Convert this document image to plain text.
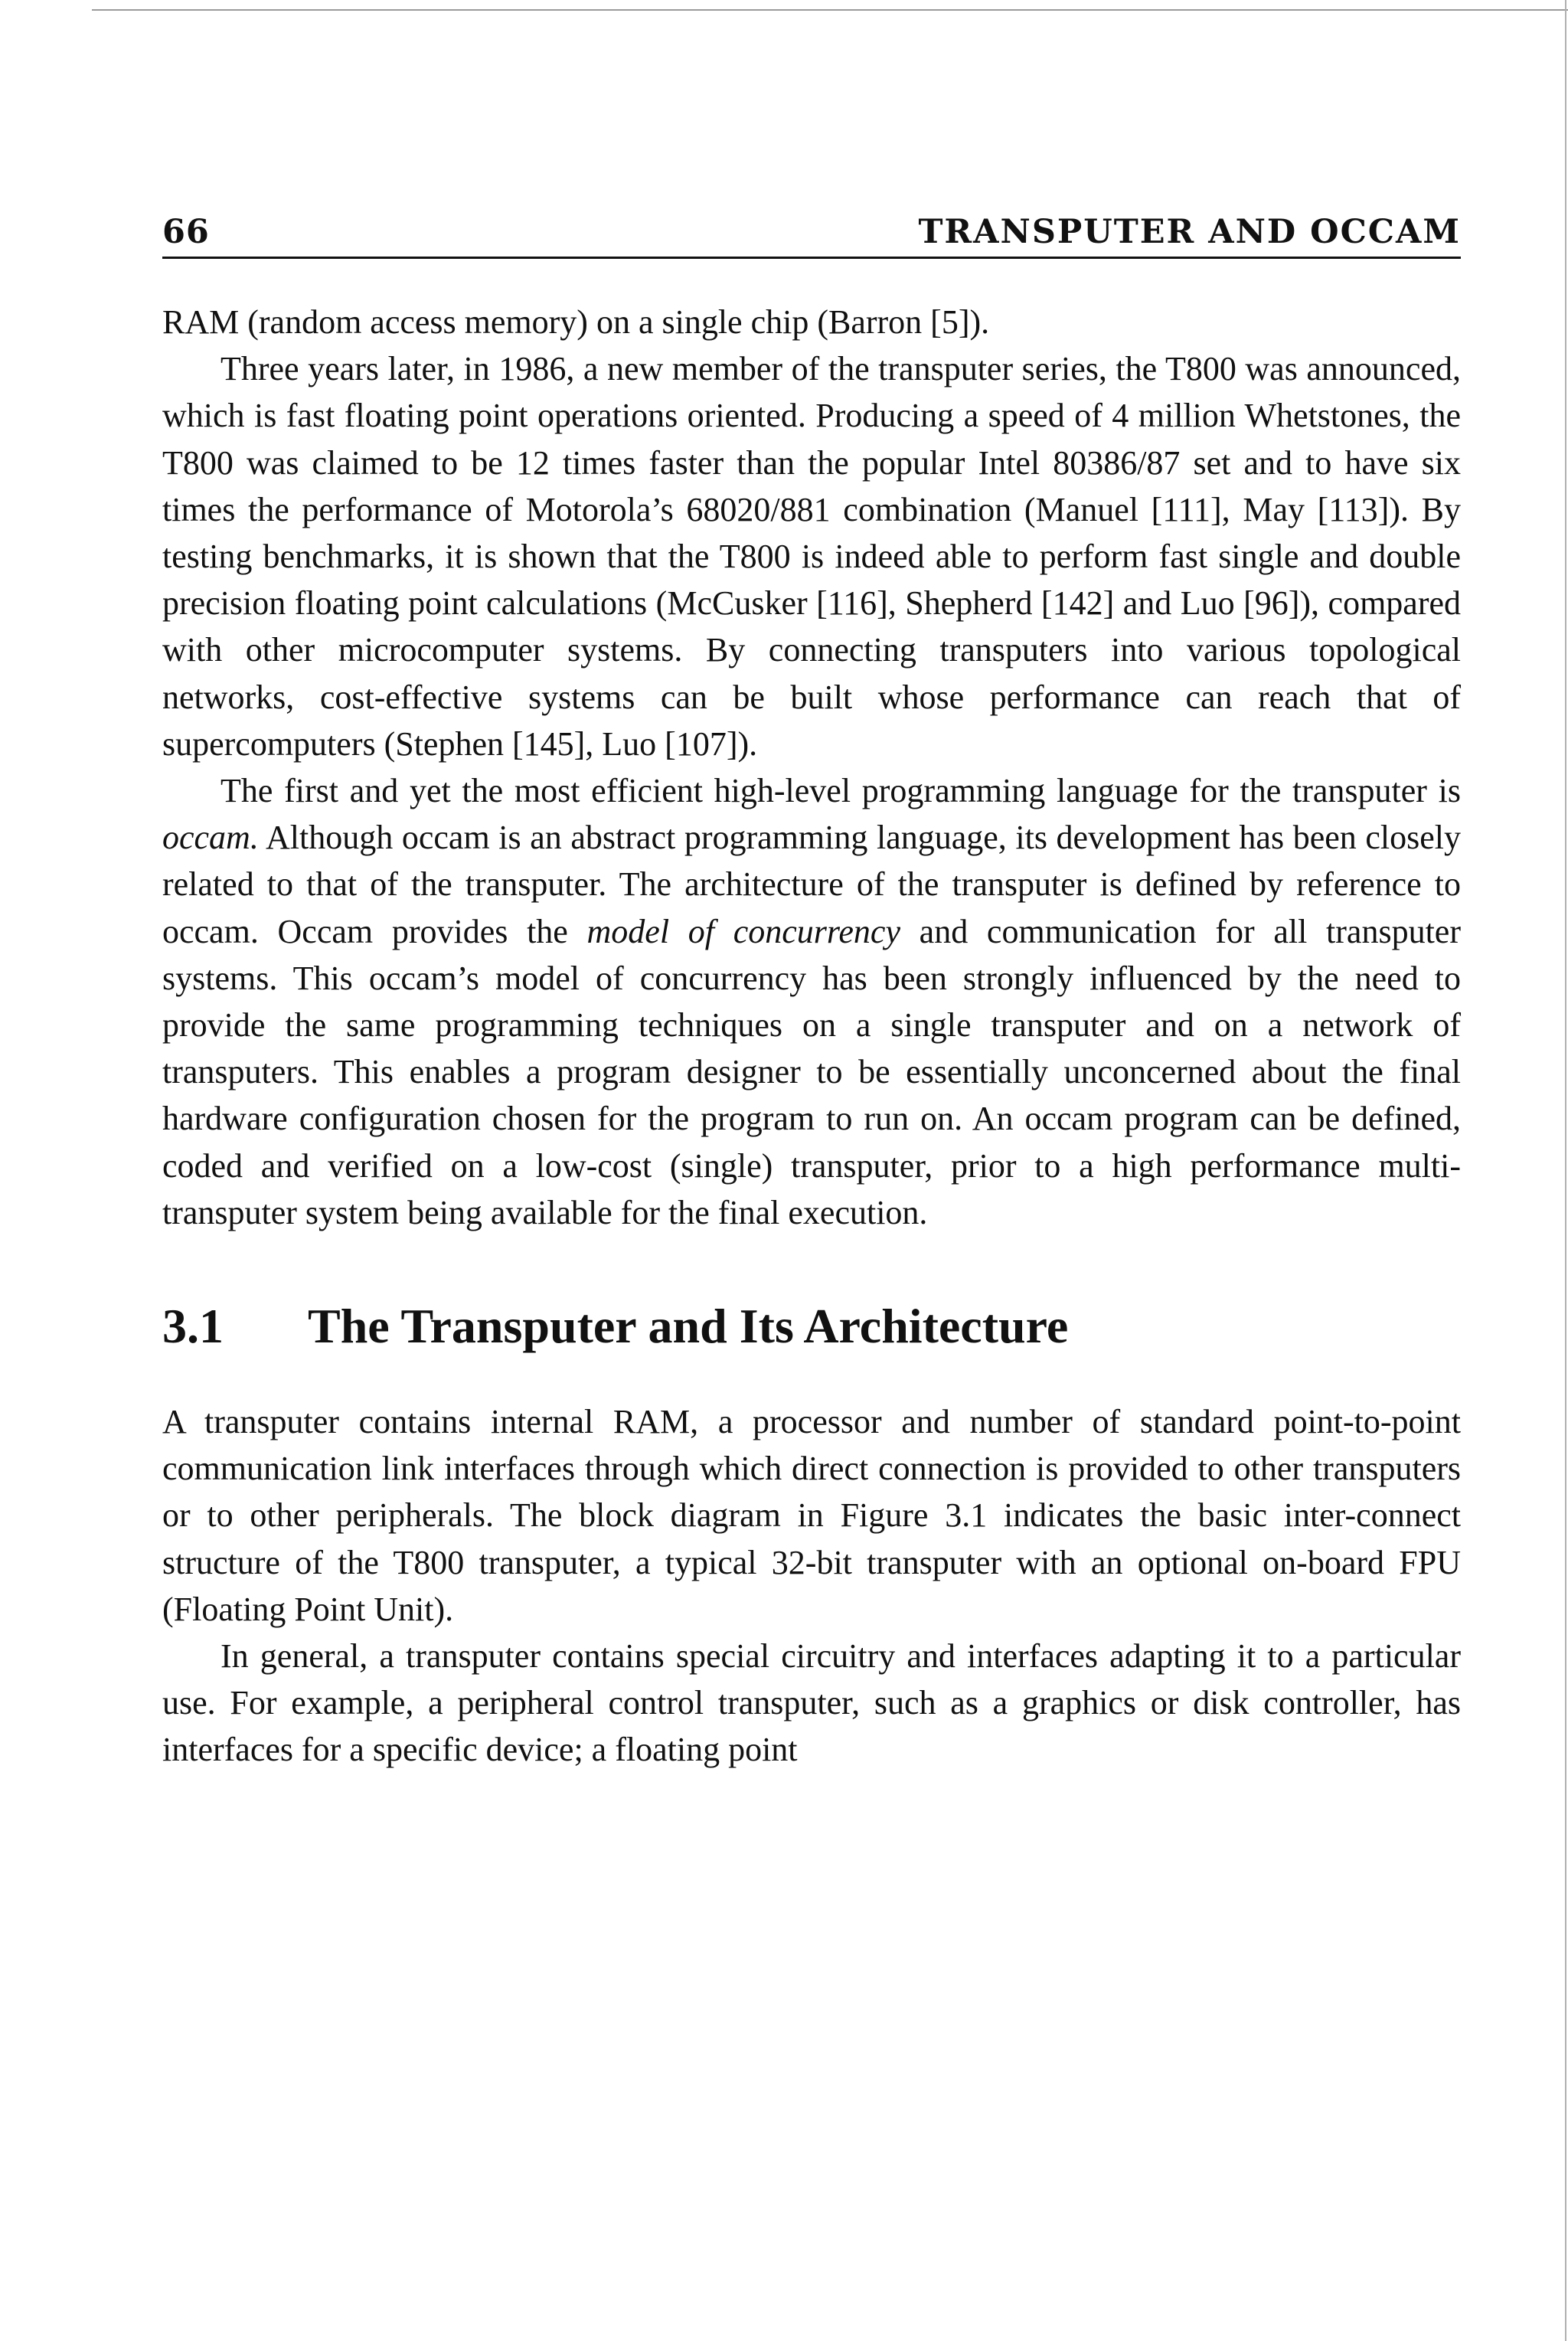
66	TRANSPUTER AND OCCAM

RAM (random access memory) on a single chip (Barron [5]).

Three years later, in 1986, a new member of the transputer series, the T800 was announced, which is fast floating point operations oriented. Producing a speed of 4 million Whetstones, the T800 was claimed to be 12 times faster than the popular Intel 80386/87 set and to have six times the performance of Motorola’s 68020/881 combination (Manuel [111], May [113]). By testing benchmarks, it is shown that the T800 is indeed able to perform fast single and double precision floating point calculations (McCusker [116], Shepherd [142] and Luo [96]), compared with other microcomputer systems. By connecting transputers into various topological networks, cost-effective systems can be built whose performance can reach that of supercomputers (Stephen [145], Luo [107]).

The first and yet the most efficient high-level programming language for the transputer is occam. Although occam is an abstract programming language, its development has been closely related to that of the transputer. The architecture of the transputer is defined by reference to occam. Occam provides the model of concurrency and communication for all transputer systems. This occam’s model of concurrency has been strongly influenced by the need to provide the same programming techniques on a single transputer and on a network of transputers. This enables a program designer to be essentially unconcerned about the final hardware configuration chosen for the program to run on. An occam program can be defined, coded and verified on a low-cost (single) transputer, prior to a high performance multi-transputer system being available for the final execution.

3.1	The Transputer and Its Architecture

A transputer contains internal RAM, a processor and number of standard point-to-point communication link interfaces through which direct connection is provided to other transputers or to other peripherals. The block diagram in Figure 3.1 indicates the basic inter-connect structure of the T800 transputer, a typical 32-bit transputer with an optional on-board FPU (Floating Point Unit).

In general, a transputer contains special circuitry and interfaces adapting it to a particular use. For example, a peripheral control transputer, such as a graphics or disk controller, has interfaces for a specific device; a floating point
